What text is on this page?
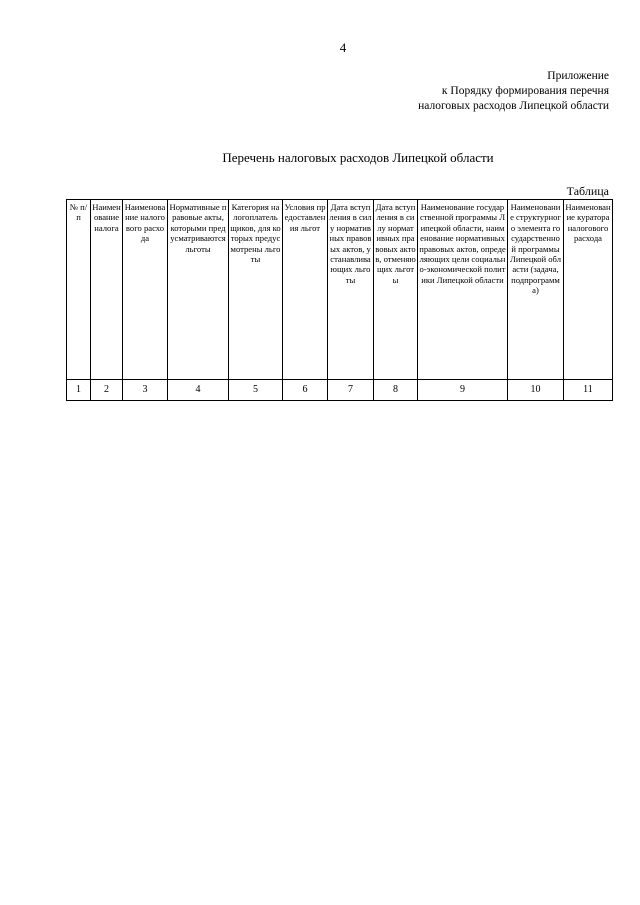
4
Приложение
к Порядку формирования перечня
налоговых расходов Липецкой области
Перечень налоговых расходов Липецкой области
Таблица
№ п/п	Наименование налога	Наименование налогового расхода	Нормативные правовые акты, которыми предусматриваются льготы	Категория налогоплательщиков, для которых предусмотрены льготы	Условия предоставления льгот	Дата вступления в силу нормативных правовых актов, устанавливающих льготы	Дата вступления в силу нормативных правовых актов, отменяющих льготы	Наименование государственной программы Липецкой области, наименование нормативных правовых актов, определяющих цели социально-экономической политики Липецкой области	Наименование структурного элемента государственной программы Липецкой области (задача, подпрограмма)	Наименование куратора налогового расхода
1	2	3	4	5	6	7	8	9	10	11
